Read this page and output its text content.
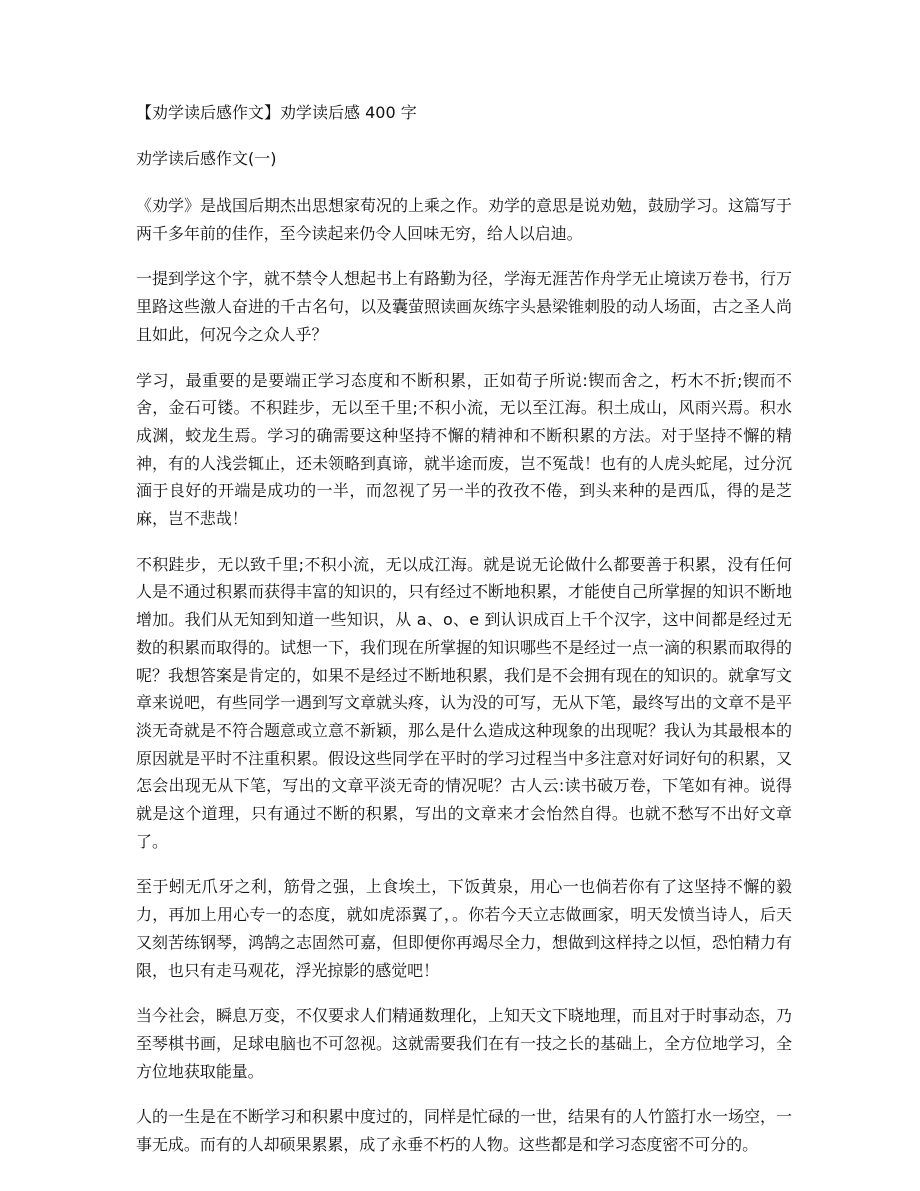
【劝学读后感作文】劝学读后感 400 字
劝学读后感作文(一)

《劝学》是战国后期杰出思想家荀况的上乘之作。劝学的意思是说劝勉，鼓励学习。这篇写于两千多年前的佳作，至今读起来仍令人回味无穷，给人以启迪。

一提到学这个字，就不禁令人想起书上有路勤为径，学海无涯苦作舟学无止境读万卷书，行万里路这些激人奋进的千古名句，以及囊萤照读画灰练字头悬梁锥刺股的动人场面，古之圣人尚且如此，何况今之众人乎？

学习，最重要的是要端正学习态度和不断积累，正如荀子所说:锲而舍之，朽木不折;锲而不舍，金石可镂。不积跬步，无以至千里;不积小流，无以至江海。积土成山，风雨兴焉。积水成渊，蛟龙生焉。学习的确需要这种坚持不懈的精神和不断积累的方法。对于坚持不懈的精神，有的人浅尝辄止，还未领略到真谛，就半途而废，岂不冤哉！也有的人虎头蛇尾，过分沉湎于良好的开端是成功的一半，而忽视了另一半的孜孜不倦，到头来种的是西瓜，得的是芝麻，岂不悲哉！

不积跬步，无以致千里;不积小流，无以成江海。就是说无论做什么都要善于积累，没有任何人是不通过积累而获得丰富的知识的，只有经过不断地积累，才能使自己所掌握的知识不断地增加。我们从无知到知道一些知识，从 a、o、e 到认识成百上千个汉字，这中间都是经过无数的积累而取得的。试想一下，我们现在所掌握的知识哪些不是经过一点一滴的积累而取得的呢？我想答案是肯定的，如果不是经过不断地积累，我们是不会拥有现在的知识的。就拿写文章来说吧，有些同学一遇到写文章就头疼，认为没的可写，无从下笔，最终写出的文章不是平淡无奇就是不符合题意或立意不新颖，那么是什么造成这种现象的出现呢？我认为其最根本的原因就是平时不注重积累。假设这些同学在平时的学习过程当中多注意对好词好句的积累，又怎会出现无从下笔，写出的文章平淡无奇的情况呢？古人云:读书破万卷，下笔如有神。说得就是这个道理，只有通过不断的积累，写出的文章来才会怡然自得。也就不愁写不出好文章了。

至于蚓无爪牙之利，筋骨之强，上食埃土，下饭黄泉，用心一也倘若你有了这坚持不懈的毅力，再加上用心专一的态度，就如虎添翼了，。你若今天立志做画家，明天发愤当诗人，后天又刻苦练钢琴，鸿鹄之志固然可嘉，但即便你再竭尽全力，想做到这样持之以恒，恐怕精力有限，也只有走马观花，浮光掠影的感觉吧！

当今社会，瞬息万变，不仅要求人们精通数理化，上知天文下晓地理，而且对于时事动态，乃至琴棋书画，足球电脑也不可忽视。这就需要我们在有一技之长的基础上，全方位地学习，全方位地获取能量。

人的一生是在不断学习和积累中度过的，同样是忙碌的一世，结果有的人竹篮打水一场空，一事无成。而有的人却硕果累累，成了永垂不朽的人物。这些都是和学习态度密不可分的。
